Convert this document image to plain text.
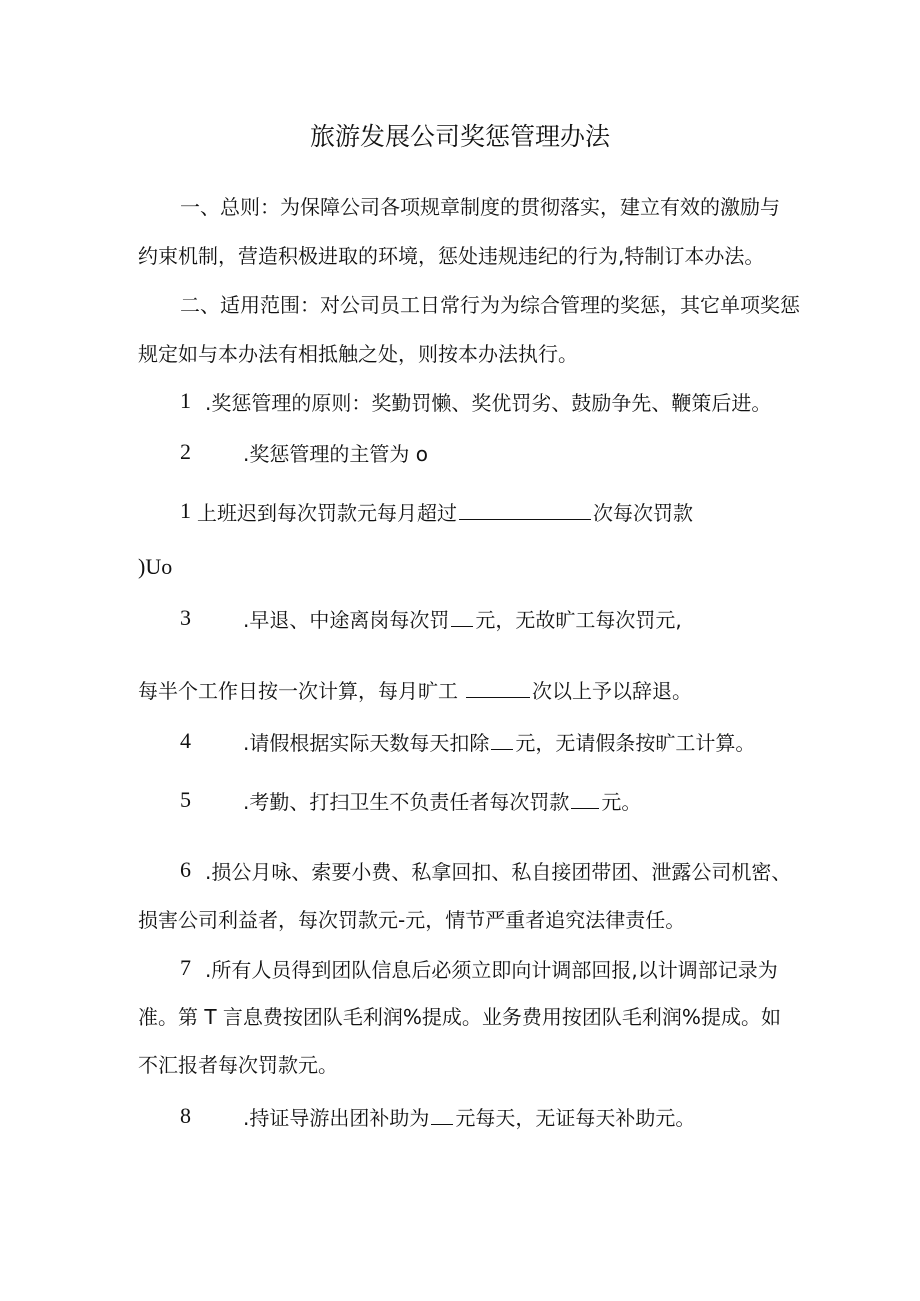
旅游发展公司奖惩管理办法
一、总则：为保障公司各项规章制度的贯彻落实，建立有效的激励与
约束机制，营造积极进取的环境，惩处违规违纪的行为,特制订本办法。
二、适用范围：对公司员工日常行为为综合管理的奖惩，其它单项奖惩
规定如与本办法有相抵触之处，则按本办法执行。
1 .奖惩管理的原则：奖勤罚懒、奖优罚劣、鼓励争先、鞭策后进。
2	.奖惩管理的主管为 o
1 上班迟到每次罚款元每月超过	次每次罚款
)Uo
3	.早退、中途离岗每次罚 元，无故旷工每次罚元,
每半个工作日按一次计算，每月旷工	次以上予以辞退。
4	.请假根据实际天数每天扣除 元，无请假条按旷工计算。
5	.考勤、打扫卫生不负责任者每次罚款 元。
6 .损公月咏、索要小费、私拿回扣、私自接团带团、泄露公司机密、
损害公司利益者，每次罚款元-元，情节严重者追究法律责任。
7 .所有人员得到团队信息后必须立即向计调部回报,以计调部记录为
准。第 T 言息费按团队毛利润%提成。业务费用按团队毛利润%提成。如
不汇报者每次罚款元。
8	.持证导游出团补助为 元每天，无证每天补助元。
